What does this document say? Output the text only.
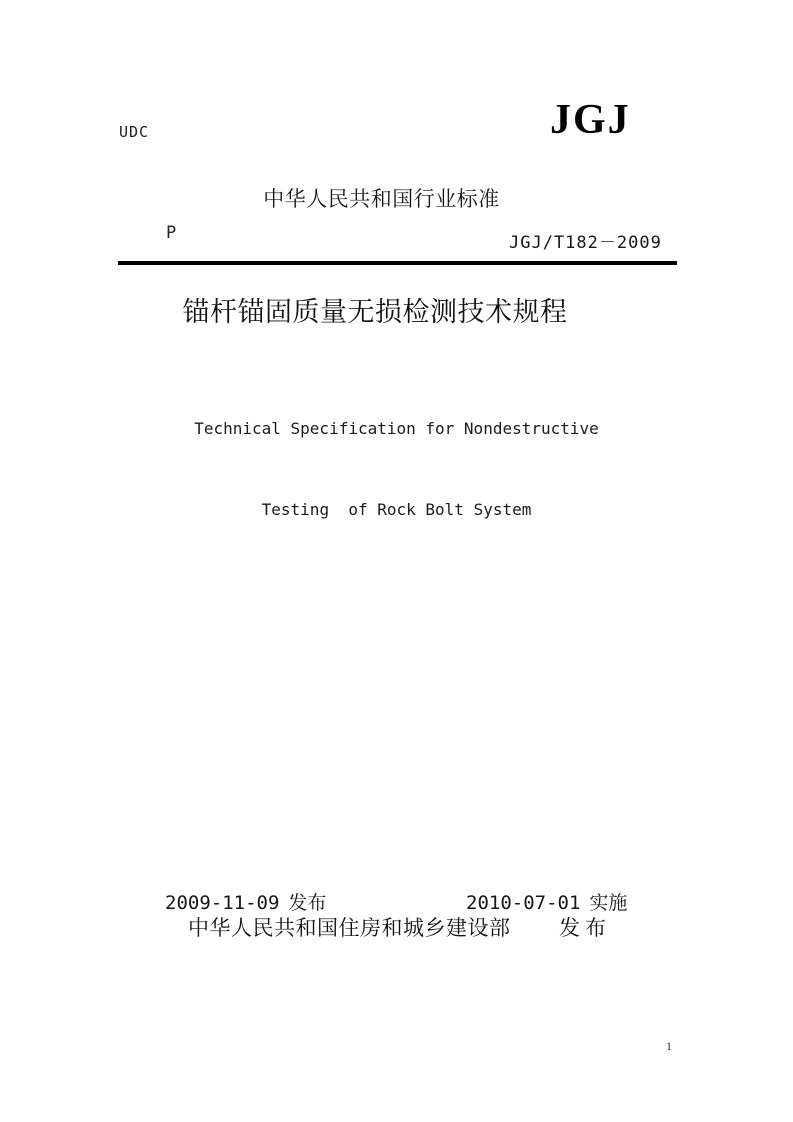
UDC	JGJ
中华人民共和国行业标准
P	JGJ/T182－2009
锚杆锚固质量无损检测技术规程

Technical Specification for Nondestructive

Testing  of Rock Bolt System

2009-11-09 发布
	2010-07-01 实施

中华人民共和国住房和城乡建设部

发布

1
